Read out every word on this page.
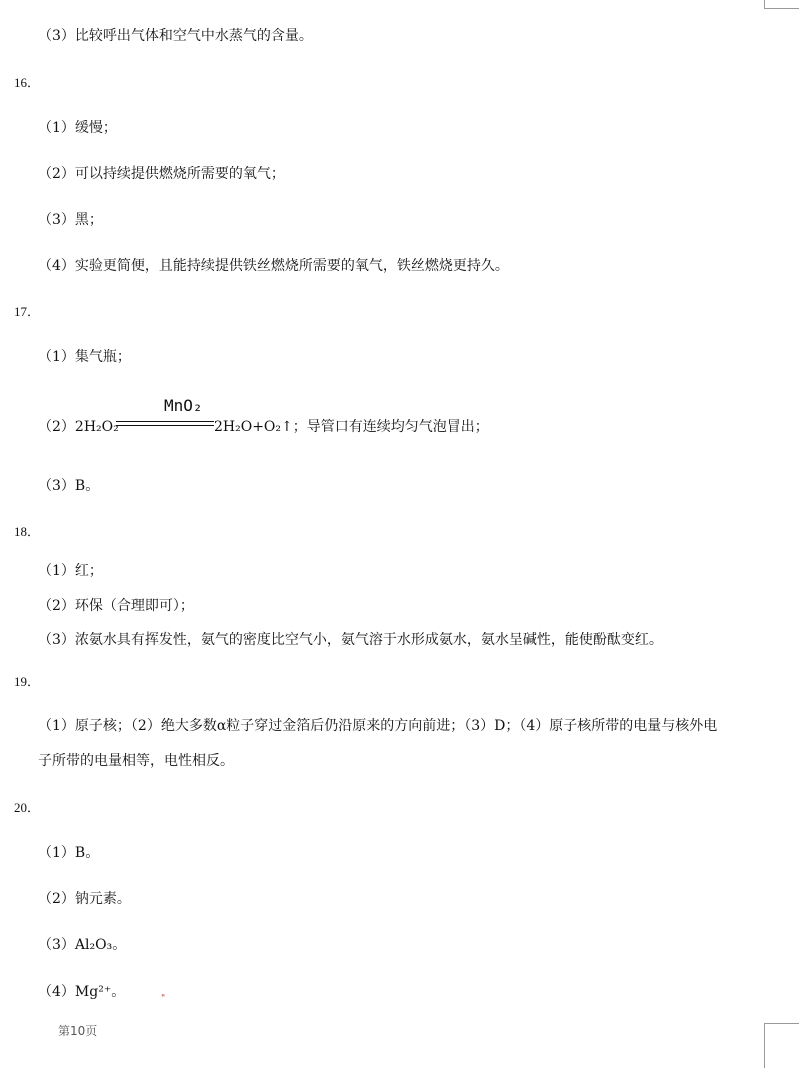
（3）比较呼出气体和空气中水蒸气的含量。
16．
（1）缓慢；
（2）可以持续提供燃烧所需要的氧气；
（3）黑；
（4）实验更简便，且能持续提供铁丝燃烧所需要的氧气，铁丝燃烧更持久。
17．
（1）集气瓶；
（2）2H₂O₂
MnO₂
2H₂O+O₂↑；导管口有连续均匀气泡冒出；
（3）B。
18．
（1）红；
（2）环保（合理即可）；
（3）浓氨水具有挥发性，氨气的密度比空气小，氨气溶于水形成氨水，氨水呈碱性，能使酚酞变红。
19．
（1）原子核；（2）绝大多数α粒子穿过金箔后仍沿原来的方向前进；（3）D；（4）原子核所带的电量与核外电
子所带的电量相等，电性相反。
20．
（1）B。
（2）钠元素。
（3）Al₂O₃。
（4）Mg²⁺。	"
第10页
